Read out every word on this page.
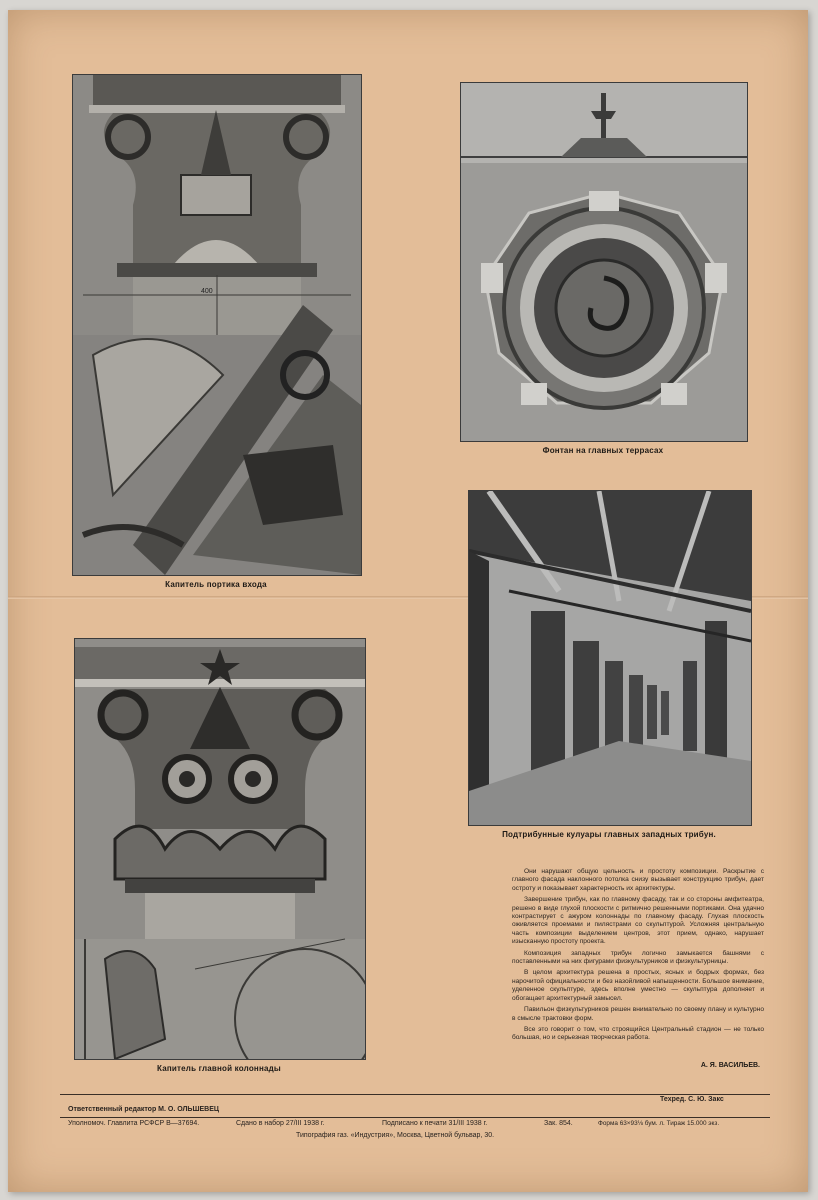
400
Капитель портика входа
Фонтан на главных террасах
Капитель главной колоннады
Подтрибунные кулуары главных западных трибун.

Они нарушают общую цельность и простоту композиции. Раскрытие с главного фасада наклонного потолка снизу вызывает конструкцию трибун, дает остроту и показывает характерность их архитектуры.

Завершение трибун, как по главному фасаду, так и со стороны амфитеатра, решено в виде глухой плоскости с ритмично решенными портиками. Она удачно контрастирует с ажуром колоннады по главному фасаду. Глухая плоскость оживляется проемами и пилястрами со скульптурой. Усложняя центральную часть композиции выделением центров, этот прием, однако, нарушает изысканную простоту проекта.

Композиция западных трибун логично замыкается башнями с поставленными на них фигурами физкультурников и физкультурницы.

В целом архитектура решена в простых, ясных и бодрых формах, без нарочитой официальности и без назойливой напыщенности. Большое внимание, уделенное скульптуре, здесь вполне уместно — скульптура дополняет и обогащает архитектурный замысел.

Павильон физкультурников решен внимательно по своему плану и культурно в смысле трактовки форм.

Все это говорит о том, что строящийся Центральный стадион — не только большая, но и серьезная творческая работа.

А. Я. ВАСИЛЬЕВ.
Техред. С. Ю. Закс
Ответственный редактор М. О. ОЛЬШЕВЕЦ
Уполномоч. Главлита РСФСР В—37694.	Сдано в набор 27/III 1938 г.	Подписано к печати 31/III 1938 г.	Зак. 854.	Форма 63×93⅛ бум. л. Тираж 15.000 экз.
Типография газ. «Индустрия», Москва, Цветной бульвар, 30.
